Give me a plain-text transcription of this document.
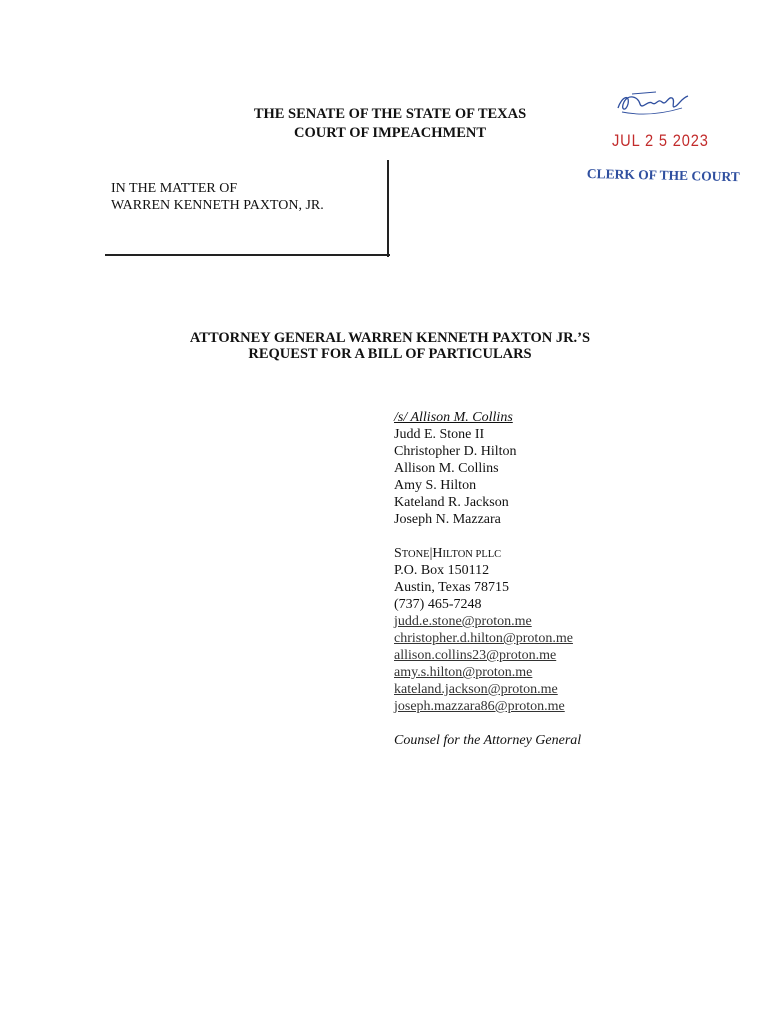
THE SENATE OF THE STATE OF TEXAS
COURT OF IMPEACHMENT	JUL 2 5 2023
CLERK OF THE COURT
IN THE MATTER OF
WARREN KENNETH PAXTON, JR.
ATTORNEY GENERAL WARREN KENNETH PAXTON JR.’S
REQUEST FOR A BILL OF PARTICULARS
/s/ Allison M. Collins
Judd E. Stone II
Christopher D. Hilton
Allison M. Collins
Amy S. Hilton
Kateland R. Jackson
Joseph N. Mazzara
STONE|HILTON PLLC
P.O. Box 150112
Austin, Texas 78715
(737) 465-7248
judd.e.stone@proton.me
christopher.d.hilton@proton.me
allison.collins23@proton.me
amy.s.hilton@proton.me
kateland.jackson@proton.me
joseph.mazzara86@proton.me
Counsel for the Attorney General
